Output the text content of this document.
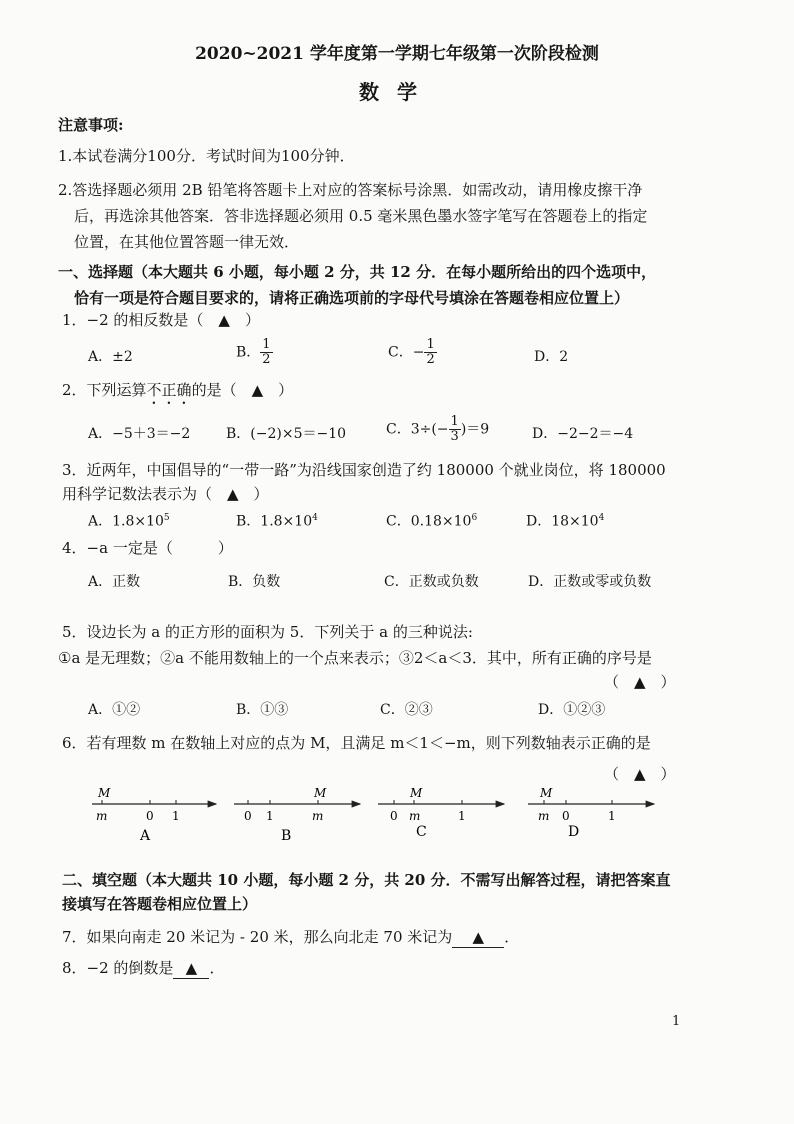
2020~2021 学年度第一学期七年级第一次阶段检测
数学
注意事项:
1.本试卷满分100分．考试时间为100分钟．
2.答选择题必须用 2B 铅笔将答题卡上对应的答案标号涂黑．如需改动，请用橡皮擦干净
后，再选涂其他答案．答非选择题必须用 0.5 毫米黑色墨水签字笔写在答题卷上的指定
位置，在其他位置答题一律无效．
一、选择题（本大题共 6 小题，每小题 2 分，共 12 分．在每小题所给出的四个选项中，
恰有一项是符合题目要求的，请将正确选项前的字母代号填涂在答题卷相应位置上）
1．−2 的相反数是（　▲　）
A．±2	B． $\frac{1}{2}$	C．− $\frac{1}{2}$	D．2
2．下列运算不正确的是（　▲　）
A．−5＋3＝−2	B．(−2)×5＝−10	C．$3\div(- \frac{1}{3} )=9$	D．−2−2＝−4
3．近两年，中国倡导的“一带一路”为沿线国家创造了约 180000 个就业岗位，将 180000
用科学记数法表示为（　▲　）
A．$1.8\times 10^5$	B．$1.8\times 10^4$	C．$0.18\times 10^6$	D．$18\times 10^4$
4．−a 一定是（　　　）
A．正数	B．负数	C．正数或负数	D．正数或零或负数
5．设边长为 a 的正方形的面积为 5．下列关于 a 的三种说法:
①a 是无理数；②a 不能用数轴上的一个点来表示；③2＜a＜3．其中，所有正确的序号是
（　▲　）
A．①②	B．①③	C．②③	D．①②③
6．若有理数 m 在数轴上对应的点为 M，且满足 m＜1＜−m，则下列数轴表示正确的是
（　▲　）
M
m	0 1
A
M
0 1	m
B
M
0 m	1
C
M
m 0	1
D
二、填空题（本大题共 10 小题，每小题 2 分，共 20 分．不需写出解答过程，请把答案直
接填写在答题卷相应位置上）
7．如果向南走 20 米记为 - 20 米，那么向北走 70 米记为 ▲ ．
8．−2 的倒数是 ▲ ．
1
